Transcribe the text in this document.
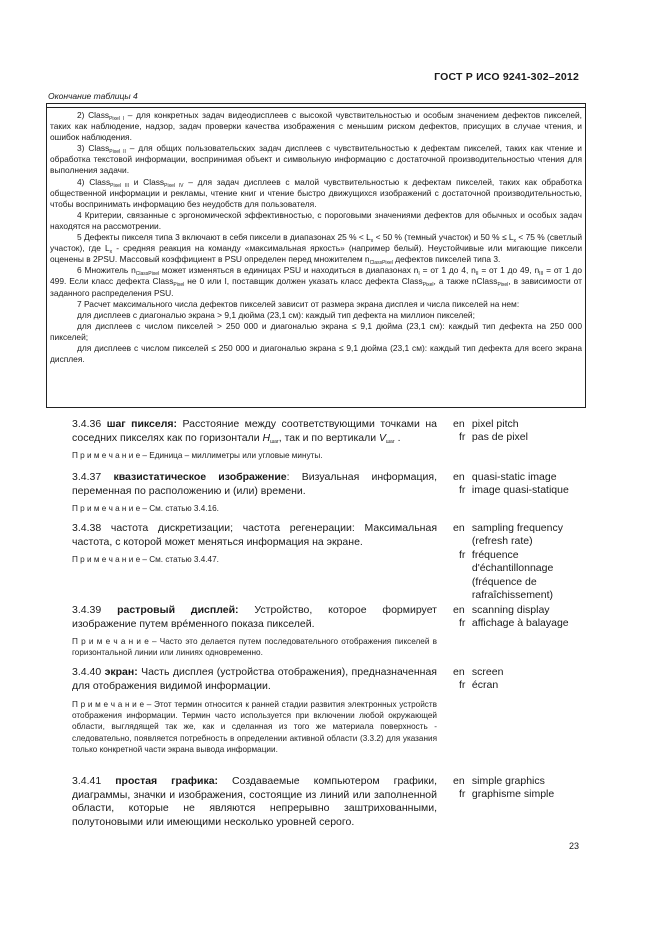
ГОСТ Р ИСО 9241-302–2012
Окончание таблицы 4

2) Class$_{Pixel I}$ – для конкретных задач видеодисплеев с высокой чувствительностью и особым значением дефектов пикселей, таких как наблюдение, надзор, задач проверки качества изображения с меньшим риском дефектов, присущих в случае чтения, и ошибок наблюдения.

3) Class$_{Pixel II}$ – для общих пользовательских задач дисплеев с чувствительностью к дефектам пикселей, таких как чтение и обработка текстовой информации, воспринимая объект и символьную информацию с достаточной производительностью чтения для выполнения задачи.

4) Class$_{Pixel III}$ и Class$_{Pixel IV}$ – для задач дисплеев с малой чувствительностью к дефектам пикселей, таких как обработка общественной информации и рекламы, чтение книг и чтение быстро движущихся изображений с достаточной производительностью, чтобы воспринимать информацию без неудобств для пользователя.

4 Критерии, связанные с эргономической эффективностью, с пороговыми значениями дефектов для обычных и особых задач находятся на рассмотрении.

5 Дефекты пикселя типа 3 включают в себя пиксели в диапазонах 25 % < $L_x < 50$ % (темный участок) и 50 % ≤ $L_x < 75$ % (светлый участок), где $L_x$ - средняя реакция на команду «максимальная яркость» (например белый). Неустойчивые или мигающие пиксели оценены в 2PSU. Массовый коэффициент в PSU определен перед множителем $n_{ClassPixel}$ дефектов пикселей типа 3.

6 Множитель $n_{ClassPixel}$ может изменяться в единицах PSU и находиться в диапазонах $n_I$ = от 1 до 4, $n_{II}$ = от 1 до 49, $n_{III}$ = от 1 до 499. Если класс дефекта Class$_{Pixel}$ не 0 или I, поставщик должен указать класс дефекта Class$_{Pixel}$, а также nClass$_{Pixel}$, в зависимости от заданного распределения PSU.

7 Расчет максимального числа дефектов пикселей зависит от размера экрана дисплея и числа пикселей на нем:

для дисплеев с диагональю экрана > 9,1 дюйма (23,1 см): каждый тип дефекта на миллион пикселей;

для дисплеев с числом пикселей > 250 000 и диагональю экрана ≤ 9,1 дюйма (23,1 см): каждый тип дефекта на 250 000 пикселей;

для дисплеев с числом пикселей ≤ 250 000 и диагональю экрана ≤ 9,1 дюйма (23,1 см): каждый тип дефекта для всего экрана дисплея.

3.4.36 шаг пикселя: Расстояние между соответствующими точками на соседних пикселях как по горизонтали $H_{шаг}$, так и по вертикали $V_{шаг}$ .
П р и м е ч а н и е – Единица – миллиметры или угловые минуты.
en
pixel pitch
fr
pas de pixel
3.4.37 квазистатическое изображение: Визуальная информация, переменная по расположению и (или) времени.
П р и м е ч а н и е – См. статью 3.4.16.
en
quasi-static image
fr
image quasi-statique
3.4.38 частота дискретизации; частота регенерации: Максимальная частота, с которой может меняться информация на экране.
П р и м е ч а н и е – См. статью 3.4.47.
en
sampling frequency

(refresh rate)
fr
fréquence

d'échantillonnage

(fréquence de

rafraîchissement)
3.4.39 растровый дисплей: Устройство, которое формирует изображение путем врéменного показа пикселей.
П р и м е ч а н и е – Часто это делается путем последовательного отображения пикселей в горизонтальной линии или линиях одновременно.
en
scanning display
fr
affichage à balayage
3.4.40 экран: Часть дисплея (устройства отображения), предназначенная для отображения видимой информации.
П р и м е ч а н и е – Этот термин относится к ранней стадии развития электронных устройств отображения информации. Термин часто используется при включении любой окружающей области, выглядящей так же, как и сделанная из того же материала поверхность - следовательно, появляется потребность в определении активной области (3.3.2) для указания только конкретной части экрана вывода информации.
en
screen
fr
écran
3.4.41 простая графика: Создаваемые компьютером графики, диаграммы, значки и изображения, состоящие из линий или заполненной области, которые не являются непрерывно заштрихованными, полутоновыми или имеющими несколько уровней серого.
en
simple graphics
fr
graphisme simple
23
